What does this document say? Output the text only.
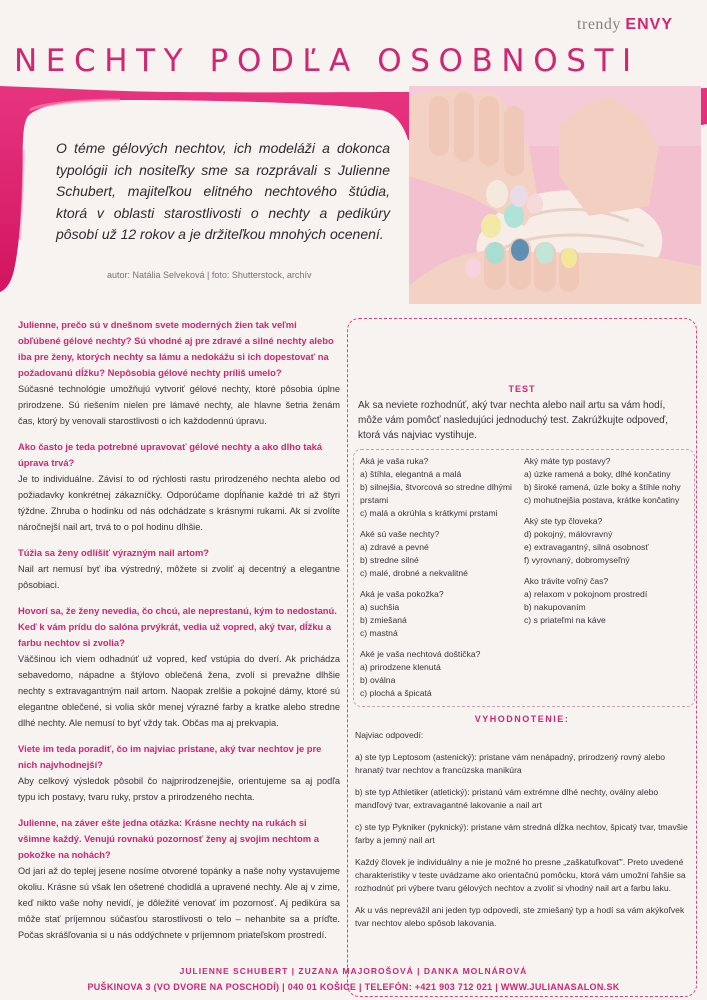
trendy ENVY
NECHTY PODĽA OSOBNOSTI
O téme gélových nechtov, ich modeláži a dokonca typológii ich nositeľky sme sa rozprávali s Julienne Schubert, majiteľkou elitného nechtového štúdia, ktorá v oblasti starostlivosti o nechty a pedikúry pôsobí už 12 rokov a je držiteľkou mnohých ocenení.
autor: Natália Selveková | foto: Shutterstock, archív

Julienne, prečo sú v dnešnom svete moderných žien tak veľmi obľúbené gélové nechty? Sú vhodné aj pre zdravé a silné nechty alebo iba pre ženy, ktorých nechty sa lámu a nedokážu si ich dopestovať na požadovanú dĺžku? Nepôsobia gélové nechty príliš umelo?

Súčasné technológie umožňujú vytvoriť gélové nechty, ktoré pôsobia úplne prirodzene. Sú riešením nielen pre lámavé nechty, ale hlavne šetria ženám čas, ktorý by venovali starostlivosti o ich každodennú úpravu.

Ako často je teda potrebné upravovať gélové nechty a ako dlho taká úprava trvá?

Je to individuálne. Závisí to od rýchlosti rastu prirodzeného nechta alebo od požiadavky konkrétnej zákazníčky. Odporúčame dopĺňanie každé tri až štyri týždne. Zhruba o hodinku od nás odchádzate s krásnymi rukami. Ak si zvolíte náročnejší nail art, trvá to o pol hodinu dlhšie.

Túžia sa ženy odlíšiť výrazným nail artom?

Nail art nemusí byť iba výstredný, môžete si zvoliť aj decentný a elegantne pôsobiaci.

Hovorí sa, že ženy nevedia, čo chcú, ale neprestanú, kým to nedostanú. Keď k vám prídu do salóna prvýkrát, vedia už vopred, aký tvar, dĺžku a farbu nechtov si zvolia?

Väčšinou ich viem odhadnúť už vopred, keď vstúpia do dverí. Ak prichádza sebavedomo, nápadne a štýlovo oblečená žena, zvolí si prevažne dlhšie nechty s extravagantným nail artom. Naopak zrelšie a pokojné dámy, ktoré sú elegantne oblečené, si volia skôr menej výrazné farby a kratke alebo stredne dlhé nechty. Ale nemusí to byť vždy tak. Občas ma aj prekvapia.

Viete im teda poradiť, čo im najviac pristane, aký tvar nechtov je pre nich najvhodnejší?

Aby celkový výsledok pôsobil čo najprirodzenejšie, orientujeme sa aj podľa typu ich postavy, tvaru ruky, prstov a prirodzeného nechta.

Julienne, na záver ešte jedna otázka: Krásne nechty na rukách si všimne každý. Venujú rovnakú pozornosť ženy aj svojim nechtom a pokožke na nohách?

Od jari až do teplej jesene nosíme otvorené topánky a naše nohy vystavujeme okoliu. Krásne sú však len ošetrené chodidlá a upravené nechty. Ale aj v zime, keď nikto vaše nohy nevidí, je dôležité venovať im pozornosť. Aj pedikúra sa môže stať príjemnou súčasťou starostlivosti o telo – nehanbite sa a príďte. Počas skrášľovania si u nás oddýchnete v príjemnom priateľskom prostredí.

TEST
Ak sa neviete rozhodnúť, aký tvar nechta alebo nail artu sa vám hodí, môže vám pomôcť nasledujúci jednoduchý test. Zakrúžkujte odpoveď, ktorá vás najviac vystihuje.
Aká je vaša ruka?
a) štíhla, elegantná a malá
b) silnejšia, štvorcová so stredne dlhými prstami
c) malá a okrúhla s krátkymi prstami
Aké sú vaše nechty?
a) zdravé a pevné
b) stredne silné
c) malé, drobné a nekvalitné
Aká je vaša pokožka?
a) suchšia
b) zmiešaná
c) mastná
Aké je vaša nechtová doštička?
a) prirodzene klenutá
b) oválna
c) plochá a špicatá
Aký máte typ postavy?
a) úzke ramená a boky, dlhé končatiny
b) široké ramená, úzle boky a štíhle nohy
c) mohutnejšia postava, krátke končatiny
Aký ste typ človeka?
d) pokojný, málovravný
e) extravagantný, silná osobnosť
f) vyrovnaný, dobromyseľný
Ako trávite voľný čas?
a) relaxom v pokojnom prostredí
b) nakupovaním
c) s priateľmi na káve
VYHODNOTENIE:

Najviac odpovedí:

a) ste typ Leptosom (astenický): pristane vám nenápadný, prirodzený rovný alebo hranatý tvar nechtov a francúzska manikúra

b) ste typ Athletiker (atletický): pristanú vám extrémne dlhé nechty, oválny alebo mandľový tvar, extravagantné lakovanie a nail art

c) ste typ Pykniker (pyknický): pristane vám stredná dĺžka nechtov, špicatý tvar, tmavšie farby a jemný nail art

Každý človek je individuálny a nie je možné ho presne „zaškatuľkovať". Preto uvedené charakteristiky v teste uvádzame ako orientačnú pomôcku, ktorá vám umožní ľahšie sa rozhodnúť pri výbere tvaru gélových nechtov a zvoliť si vhodný nail art a farbu laku.

Ak u vás neprevážil ani jeden typ odpovedí, ste zmiešaný typ a hodí sa vám akýkoľvek tvar nechtov alebo spôsob lakovania.

JULIENNE SCHUBERT | ZUZANA MAJOROŠOVÁ | DANKA MOLNÁROVÁ
PUŠKINOVA 3 (VO DVORE NA POSCHODÍ) | 040 01 KOŠICE | TELEFÓN: +421 903 712 021 | WWW.JULIANASALON.SK
